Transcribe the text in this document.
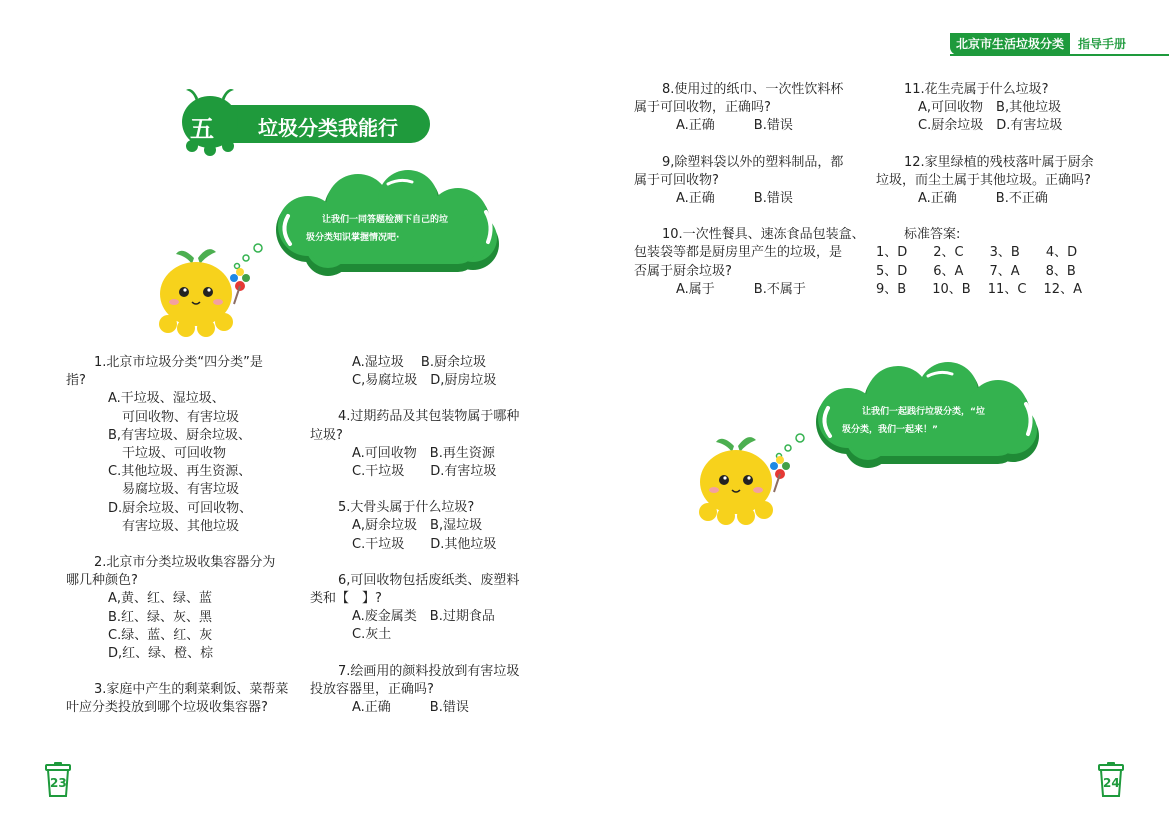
北京市生活垃圾分类 指导手册
五 垃圾分类我能行
让我们一同答题检测下自己的垃
圾分类知识掌握情况吧·
让我们一起践行垃圾分类，“垃
圾分类，我们一起来！”
1.北京市垃圾分类“四分类”是
指?
A.干垃圾、湿垃圾、
可回收物、有害垃圾
B,有害垃圾、厨余垃圾、
干垃圾、可回收物
C.其他垃圾、再生资源、
易腐垃圾、有害垃圾
D.厨余垃圾、可回收物、
有害垃圾、其他垃圾
2.北京市分类垃圾收集容器分为
哪几种颜色?
A,黄、红、绿、蓝
B.红、绿、灰、黑
C.绿、蓝、红、灰
D,红、绿、橙、棕
3.家庭中产生的剩菜剩饭、菜帮菜
叶应分类投放到哪个垃圾收集容器?
A.湿垃圾　 B.厨余垃圾
C,易腐垃圾　D,厨房垃圾
4.过期药品及其包装物属于哪种
垃圾?
A.可回收物　B.再生资源
C.干垃圾　　D.有害垃圾
5.大骨头属于什么垃圾?
A,厨余垃圾　B,湿垃圾
C.干垃圾　　D.其他垃圾
6,可回收物包括废纸类、废塑料
类和【　】?
A.废金属类　B.过期食品
C.灰土
7.绘画用的颜料投放到有害垃圾
投放容器里，正确吗?
A.正确　　　B.错误
8.使用过的纸巾、一次性饮料杯
属于可回收物，正确吗?
A.正确　　　B.错误
9,除塑料袋以外的塑料制品，都
属于可回收物?
A.正确　　　B.错误
10.一次性餐具、速冻食品包装盒、
包装袋等都是厨房里产生的垃圾，是
否属于厨余垃圾?
A.属于　　　B.不属于
11.花生壳属于什么垃圾?
A,可回收物　B,其他垃圾
C.厨余垃圾　D.有害垃圾
12.家里绿植的残枝落叶属于厨余
垃圾，而尘土属于其他垃圾。正确吗?
A.正确　　　B.不正确
标准答案:
1、D　　2、C　　3、B　　4、D
5、D　　6、A　　7、A　　8、B
9、B　　10、B　 11、C　 12、A
23	24
